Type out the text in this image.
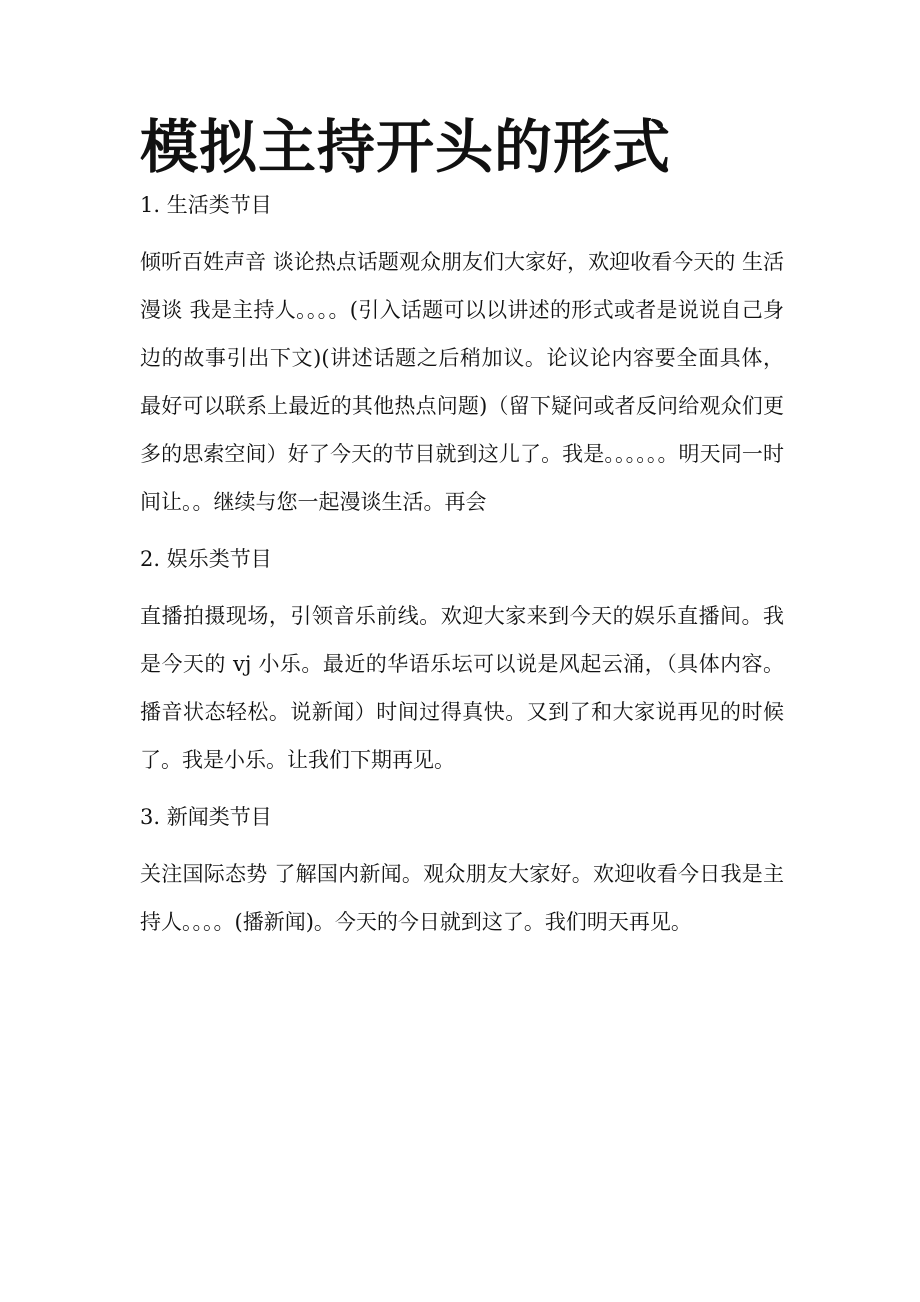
模拟主持开头的形式
1. 生活类节目

倾听百姓声音 谈论热点话题观众朋友们大家好，欢迎收看今天的 生活漫谈 我是主持人。。。。(引入话题可以以讲述的形式或者是说说自己身边的故事引出下文)(讲述话题之后稍加议。论议论内容要全面具体，最好可以联系上最近的其他热点问题)（留下疑问或者反问给观众们更多的思索空间）好了今天的节目就到这儿了。我是。。。。。。明天同一时间让。。继续与您一起漫谈生活。再会

2. 娱乐类节目

直播拍摄现场，引领音乐前线。欢迎大家来到今天的娱乐直播间。我是今天的 vj 小乐。最近的华语乐坛可以说是风起云涌，（具体内容。播音状态轻松。说新闻）时间过得真快。又到了和大家说再见的时候了。我是小乐。让我们下期再见。

3. 新闻类节目

关注国际态势 了解国内新闻。观众朋友大家好。欢迎收看今日我是主持人。。。。(播新闻)。今天的今日就到这了。我们明天再见。
